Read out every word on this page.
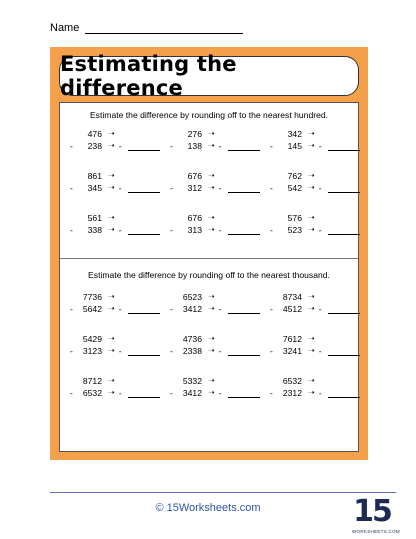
Name
Estimating the difference
Estimate the difference by rounding off to the nearest hundred.
Estimate the difference by rounding off to the nearest thousand.
476 ➝
-	238 ➝ -
276 ➝
-	138 ➝ -
342 ➝
-	145 ➝ -
861 ➝
-	345 ➝ -
676 ➝
-	312 ➝ -
762 ➝
-	542 ➝ -
561 ➝
-	338 ➝ -
676 ➝
-	313 ➝ -
576 ➝
-	523 ➝ -
7736 ➝
-	5642 ➝ -
6523 ➝
-	3412 ➝ -
8734 ➝
-	4512 ➝ -
5429 ➝
-	3123 ➝ -
4736 ➝
-	2338 ➝ -
7612 ➝
-	3241 ➝ -
8712 ➝
-	6532 ➝ -
5332 ➝
-	3412 ➝ -
6532 ➝
-	2312 ➝ -
© 15Worksheets.com	15
WORKSHEETS.COM
